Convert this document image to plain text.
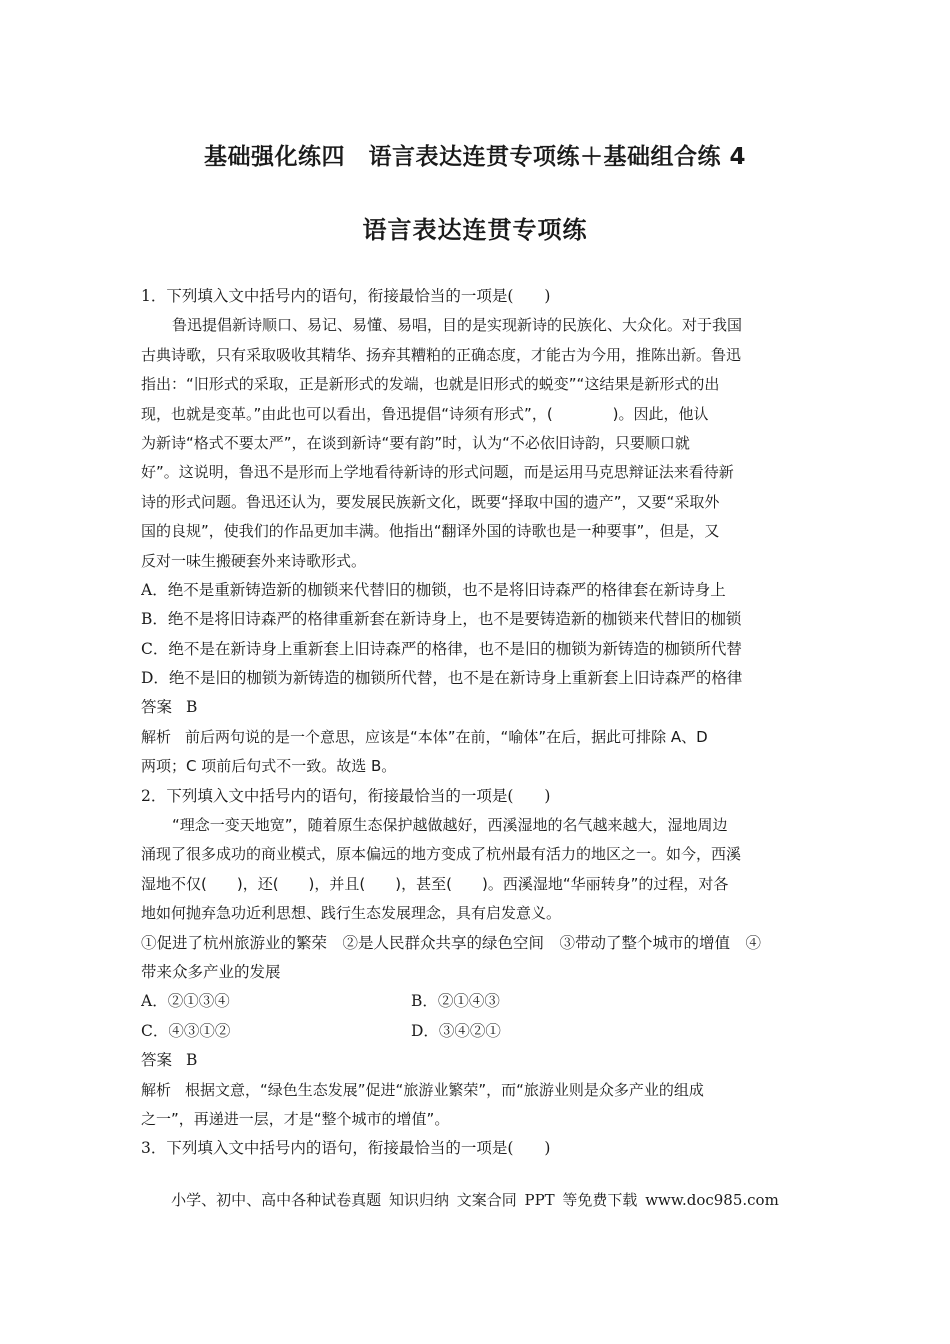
基础强化练四　语言表达连贯专项练＋基础组合练 4
语言表达连贯专项练
1．下列填入文中括号内的语句，衔接最恰当的一项是(　　)
鲁迅提倡新诗顺口、易记、易懂、易唱，目的是实现新诗的民族化、大众化。对于我国
古典诗歌，只有采取吸收其精华、扬弃其糟粕的正确态度，才能古为今用，推陈出新。鲁迅
指出：“旧形式的采取，正是新形式的发端，也就是旧形式的蜕变”“这结果是新形式的出
现，也就是变革。”由此也可以看出，鲁迅提倡“诗须有形式”，(　　　　)。因此，他认
为新诗“格式不要太严”，在谈到新诗“要有韵”时，认为“不必依旧诗韵，只要顺口就
好”。这说明，鲁迅不是形而上学地看待新诗的形式问题，而是运用马克思辩证法来看待新
诗的形式问题。鲁迅还认为，要发展民族新文化，既要“择取中国的遗产”，又要“采取外
国的良规”，使我们的作品更加丰满。他指出“翻译外国的诗歌也是一种要事”，但是，又
反对一味生搬硬套外来诗歌形式。
A．绝不是重新铸造新的枷锁来代替旧的枷锁，也不是将旧诗森严的格律套在新诗身上
B．绝不是将旧诗森严的格律重新套在新诗身上，也不是要铸造新的枷锁来代替旧的枷锁
C．绝不是在新诗身上重新套上旧诗森严的格律，也不是旧的枷锁为新铸造的枷锁所代替
D．绝不是旧的枷锁为新铸造的枷锁所代替，也不是在新诗身上重新套上旧诗森严的格律
答案 B
解析 前后两句说的是一个意思，应该是“本体”在前，“喻体”在后，据此可排除 A、D
两项；C 项前后句式不一致。故选 B。
2．下列填入文中括号内的语句，衔接最恰当的一项是(　　)
“理念一变天地宽”，随着原生态保护越做越好，西溪湿地的名气越来越大，湿地周边
涌现了很多成功的商业模式，原本偏远的地方变成了杭州最有活力的地区之一。如今，西溪
湿地不仅(　　)，还(　　)，并且(　　)，甚至(　　)。西溪湿地“华丽转身”的过程，对各
地如何抛弃急功近利思想、践行生态发展理念，具有启发意义。
①促进了杭州旅游业的繁荣　②是人民群众共享的绿色空间　③带动了整个城市的增值　④
带来众多产业的发展
A．②①③④	B．②①④③
C．④③①②	D．③④②①
答案 B
解析 根据文意，“绿色生态发展”促进“旅游业繁荣”，而“旅游业则是众多产业的组成
之一”，再递进一层，才是“整个城市的增值”。
3．下列填入文中括号内的语句，衔接最恰当的一项是(　　)
小学、初中、高中各种试卷真题 知识归纳 文案合同 PPT 等免费下载 www.doc985.com
